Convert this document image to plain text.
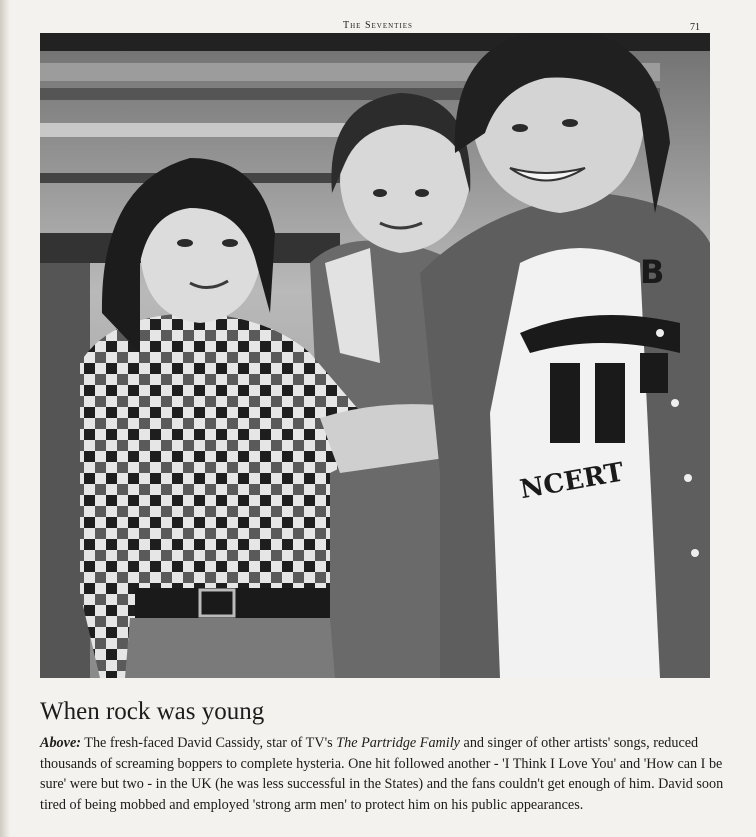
The Seventies	71
B
NCERT
When rock was young

Above: The fresh-faced David Cassidy, star of TV's The Partridge Family and singer of other artists' songs, reduced thousands of screaming boppers to complete hysteria. One hit followed another - 'I Think I Love You' and 'How can I be sure' were but two - in the UK (he was less successful in the States) and the fans couldn't get enough of him. David soon tired of being mobbed and employed 'strong arm men' to protect him on his public appearances.
